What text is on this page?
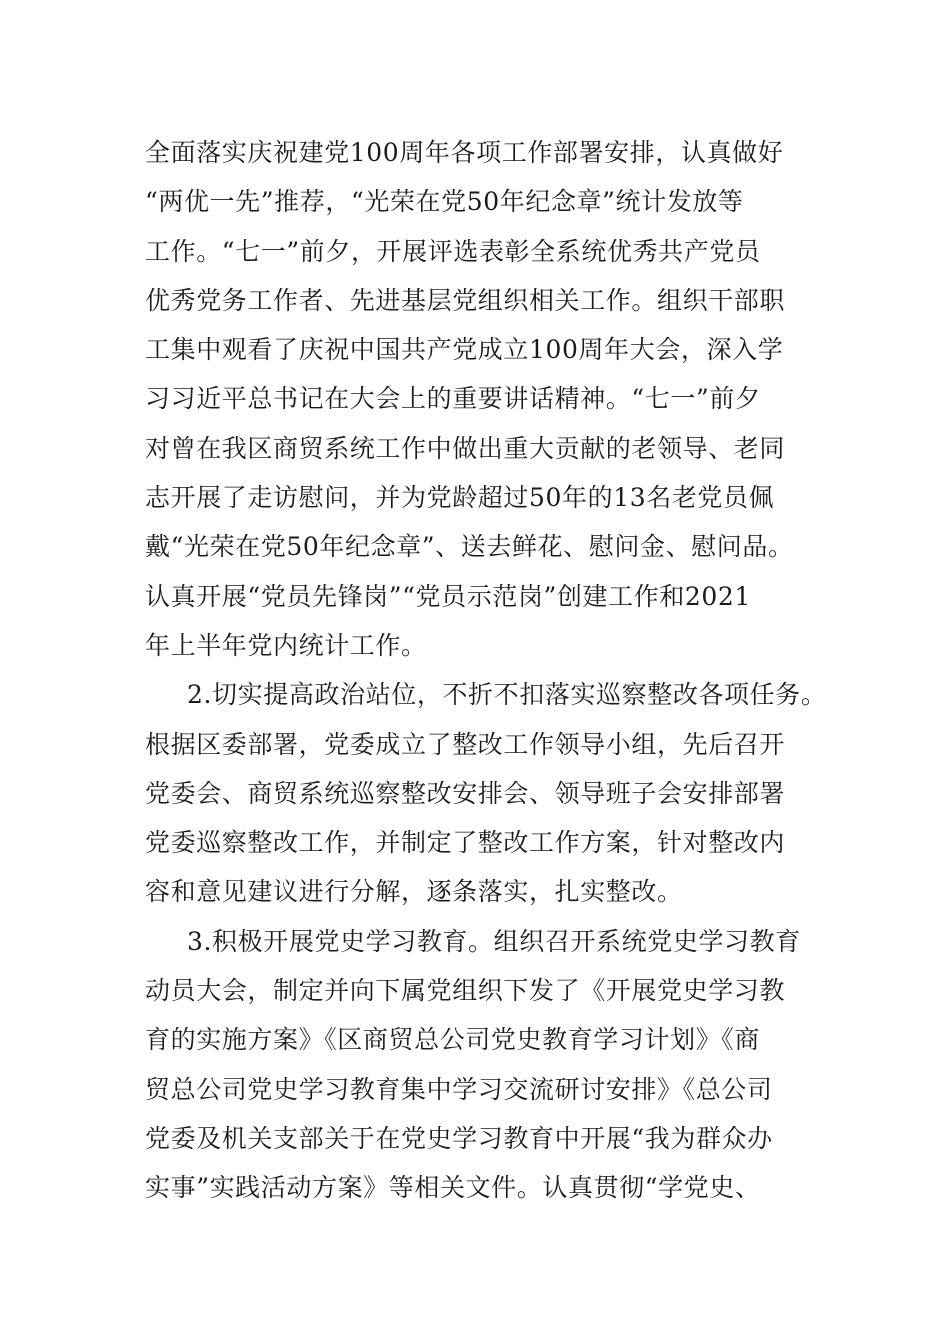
全面落实庆祝建党100周年各项工作部署安排，认真做好
“两优一先”推荐，“光荣在党50年纪念章”统计发放等
工作。“七一”前夕，开展评选表彰全系统优秀共产党员
优秀党务工作者、先进基层党组织相关工作。组织干部职
工集中观看了庆祝中国共产党成立100周年大会，深入学
习习近平总书记在大会上的重要讲话精神。“七一”前夕
对曾在我区商贸系统工作中做出重大贡献的老领导、老同
志开展了走访慰问，并为党龄超过50年的13名老党员佩
戴“光荣在党50年纪念章”、送去鲜花、慰问金、慰问品。
认真开展“党员先锋岗”“党员示范岗”创建工作和2021
年上半年党内统计工作。
2.切实提高政治站位，不折不扣落实巡察整改各项任务。
根据区委部署，党委成立了整改工作领导小组，先后召开
党委会、商贸系统巡察整改安排会、领导班子会安排部署
党委巡察整改工作，并制定了整改工作方案，针对整改内
容和意见建议进行分解，逐条落实，扎实整改。
3.积极开展党史学习教育。组织召开系统党史学习教育
动员大会，制定并向下属党组织下发了《开展党史学习教
育的实施方案》《区商贸总公司党史教育学习计划》《商
贸总公司党史学习教育集中学习交流研讨安排》《总公司
党委及机关支部关于在党史学习教育中开展“我为群众办
实事”实践活动方案》等相关文件。认真贯彻“学党史、
